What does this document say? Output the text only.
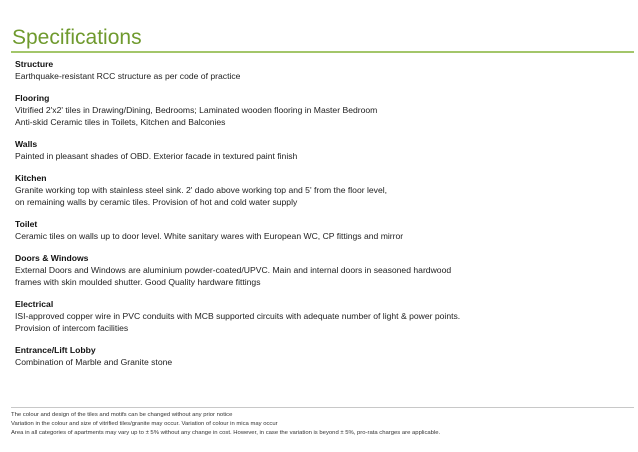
Specifications
Structure
Earthquake-resistant RCC structure as per code of practice
Flooring
Vitrified 2'x2' tiles in Drawing/Dining, Bedrooms; Laminated wooden flooring in Master Bedroom
Anti-skid Ceramic tiles in Toilets, Kitchen and Balconies
Walls
Painted in pleasant shades of OBD. Exterior facade in textured paint finish
Kitchen
Granite working top with stainless steel sink. 2' dado above working top and 5' from the floor level,
on remaining walls by ceramic tiles. Provision of hot and cold water supply
Toilet
Ceramic tiles on walls up to door level. White sanitary wares with European WC, CP fittings and mirror
Doors & Windows
External Doors and Windows are aluminium powder-coated/UPVC. Main and internal doors in seasoned hardwood
frames with skin moulded shutter. Good Quality hardware fittings
Electrical
ISI-approved copper wire in PVC conduits with MCB supported circuits with adequate number of light & power points.
Provision of intercom facilities
Entrance/Lift Lobby
Combination of Marble and Granite stone
The colour and design of the tiles and motifs can be changed without any prior notice
Variation in the colour and size of vitrified tiles/granite may occur. Variation of colour in mica may occur
Area in all categories of apartments may vary up to ± 5% without any change in cost. However, in case the variation is beyond ± 5%, pro-rata charges are applicable.
